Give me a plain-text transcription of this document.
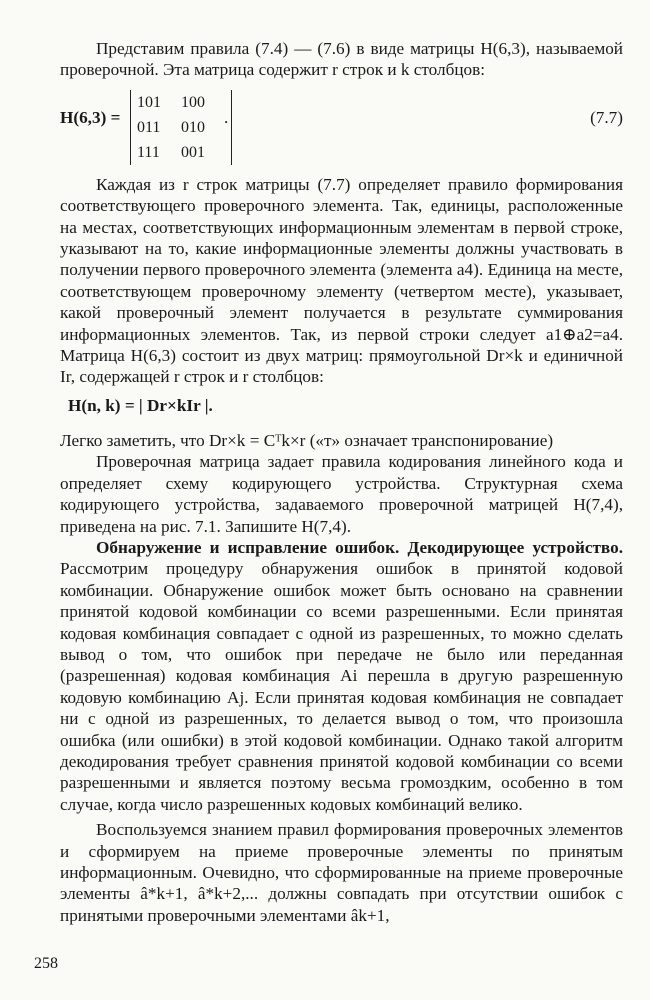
Представим правила (7.4) — (7.6) в виде матрицы H(6,3), называемой проверочной. Эта матрица содержит r строк и k столбцов:

H(6,3) =
101 100
011 010
111 001
.	(7.7)

Каждая из r строк матрицы (7.7) определяет правило формирования соответствующего проверочного элемента. Так, единицы, расположенные на местах, соответствующих информационным элементам в первой строке, указывают на то, какие информационные элементы должны участвовать в получении первого проверочного элемента (элемента a4). Единица на месте, соответствующем проверочному элементу (четвертом месте), указывает, какой проверочный элемент получается в результате суммирования информационных элементов. Так, из первой строки следует a1⊕a2=a4. Матрица H(6,3) состоит из двух матриц: прямоугольной Dr×k и единичной Ir, содержащей r строк и r столбцов:

H(n, k) = | Dr×kIr |.

Легко заметить, что Dr×k = Cᵀk×r («т» означает транспонирование)

Проверочная матрица задает правила кодирования линейного кода и определяет схему кодирующего устройства. Структурная схема кодирующего устройства, задаваемого проверочной матрицей H(7,4), приведена на рис. 7.1. Запишите H(7,4).

Обнаружение и исправление ошибок. Декодирующее устройство. Рассмотрим процедуру обнаружения ошибок в принятой кодовой комбинации. Обнаружение ошибок может быть основано на сравнении принятой кодовой комбинации со всеми разрешенными. Если принятая кодовая комбинация совпадает с одной из разрешенных, то можно сделать вывод о том, что ошибок при передаче не было или переданная (разрешенная) кодовая комбинация Ai перешла в другую разрешенную кодовую комбинацию Aj. Если принятая кодовая комбинация не совпадает ни с одной из разрешенных, то делается вывод о том, что произошла ошибка (или ошибки) в этой кодовой комбинации. Однако такой алгоритм декодирования требует сравнения принятой кодовой комбинации со всеми разрешенными и является поэтому весьма громоздким, особенно в том случае, когда число разрешенных кодовых комбинаций велико.

Воспользуемся знанием правил формирования проверочных элементов и сформируем на приеме проверочные элементы по принятым информационным. Очевидно, что сформированные на приеме проверочные элементы â*k+1, â*k+2,... должны совпадать при отсутствии ошибок с принятыми проверочными элементами âk+1,

258
